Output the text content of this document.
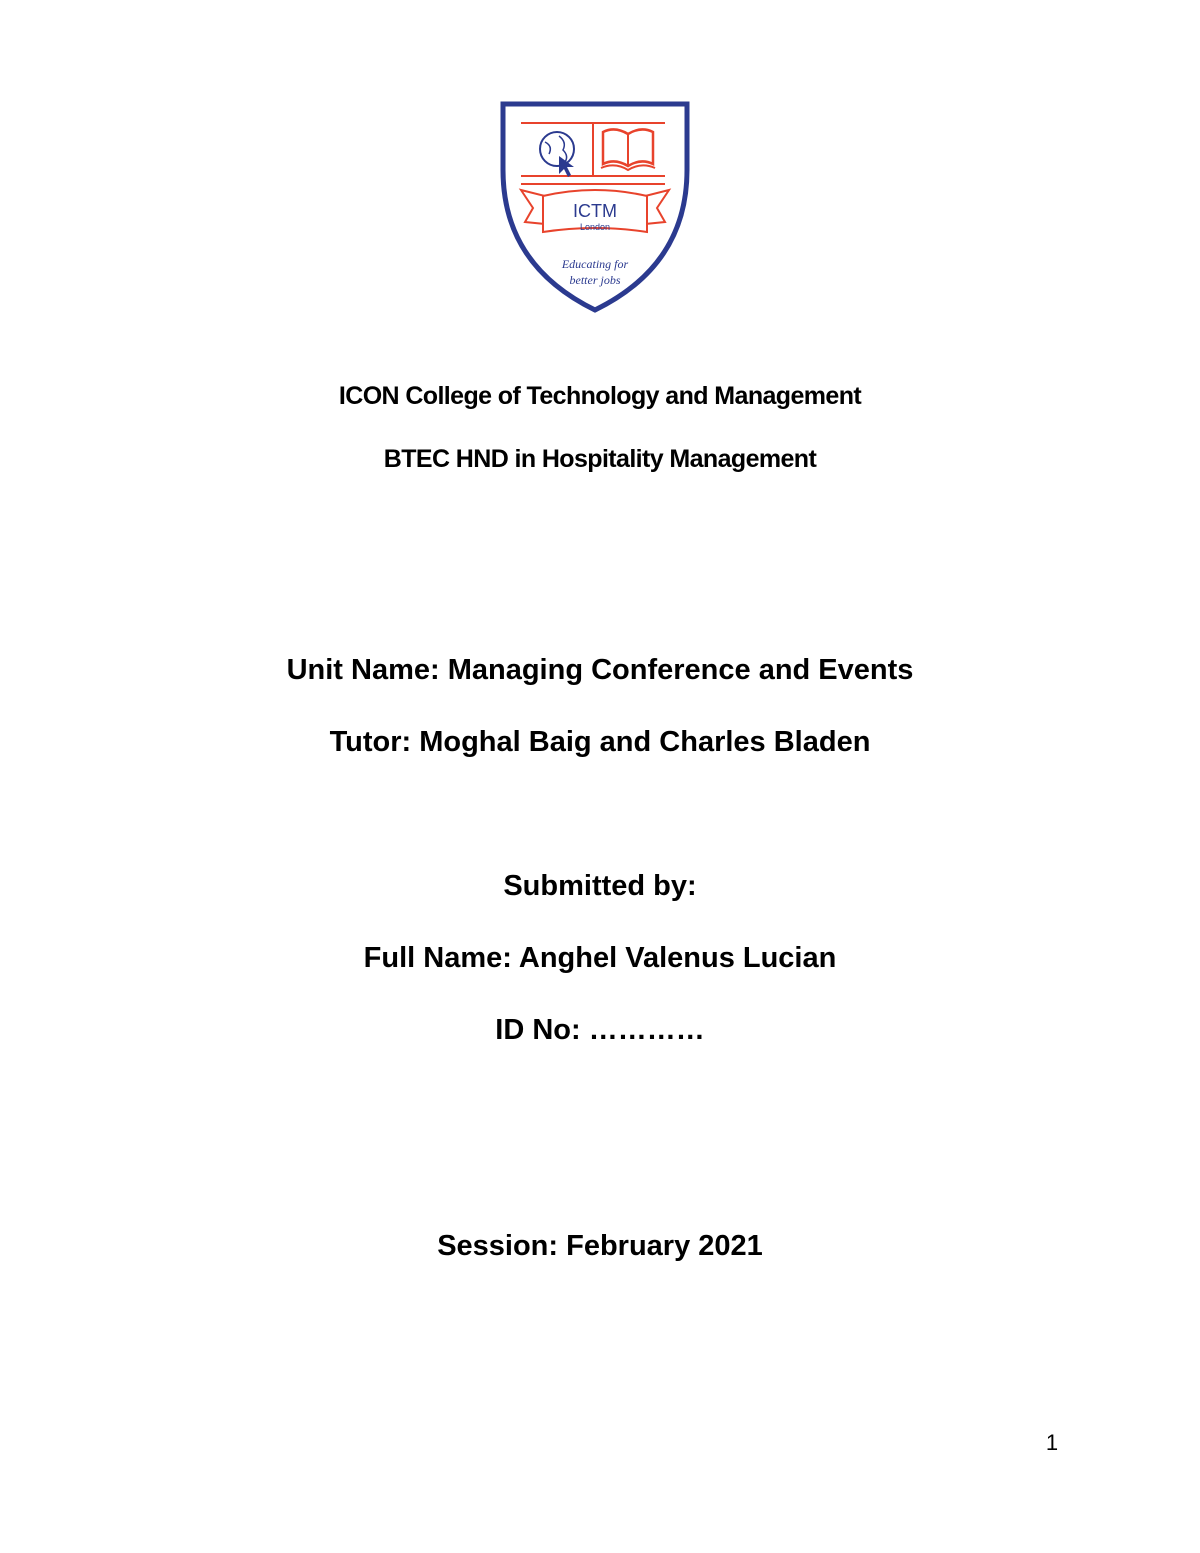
ICTM
London
Educating for
better jobs
ICON College of Technology and Management
BTEC HND in Hospitality Management
Unit Name: Managing Conference and Events
Tutor: Moghal Baig and Charles Bladen
Submitted by:
Full Name: Anghel Valenus Lucian
ID No: …………
Session: February 2021
1
